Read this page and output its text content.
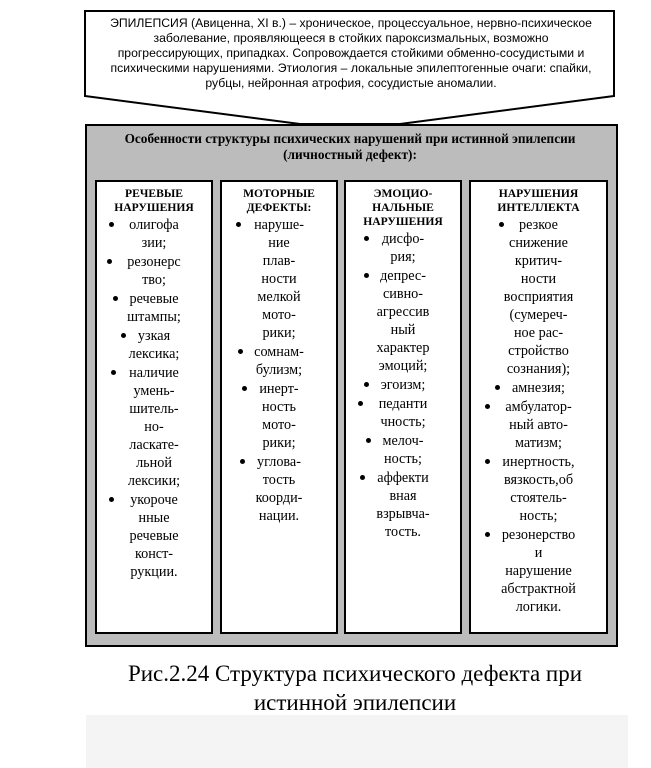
ЭПИЛЕПСИЯ (Авиценна, XI в.) – хроническое, процессуальное, нервно-психическое
заболевание, проявляющееся в стойких пароксизмальных, возможно
прогрессирующих, припадках. Сопровождается стойкими обменно-сосудистыми и
психическими нарушениями. Этиология – локальные эпилептогенные очаги: спайки,
рубцы, нейронная атрофия, сосудистые аномалии.
Особенности структуры психических нарушений при истинной эпилепсии
(личностный дефект):
РЕЧЕВЫЕ
НАРУШЕНИЯ
олигофа
зии;
резонерс
тво;
речевые
штампы;
узкая
лексика;
наличие
умень-
шитель-
но-
ласкате-
льной
лексики;
укороче
нные
речевые
конст-
рукции.
МОТОРНЫЕ
ДЕФЕКТЫ:
наруше-
ние
плав-
ности
мелкой
мото-
рики;
сомнам-
булизм;
инерт-
ность
мото-
рики;
углова-
тость
коорди-
нации.
ЭМОЦИО-
НАЛЬНЫЕ
НАРУШЕНИЯ
дисфо-
рия;
депрес-
сивно-
агрессив
ный
характер
эмоций;
эгоизм;
педанти
чность;
мелоч-
ность;
аффекти
вная
взрывча-
тость.
НАРУШЕНИЯ
ИНТЕЛЛЕКТА
резкое
снижение
критич-
ности
восприятия
(сумереч-
ное рас-
стройство
сознания);
амнезия;
амбулатор-
ный авто-
матизм;
инертность,
вязкость,об
стоятель-
ность;
резонерство
и
нарушение
абстрактной
логики.
Рис.2.24 Структура психического дефекта при
истинной эпилепсии
